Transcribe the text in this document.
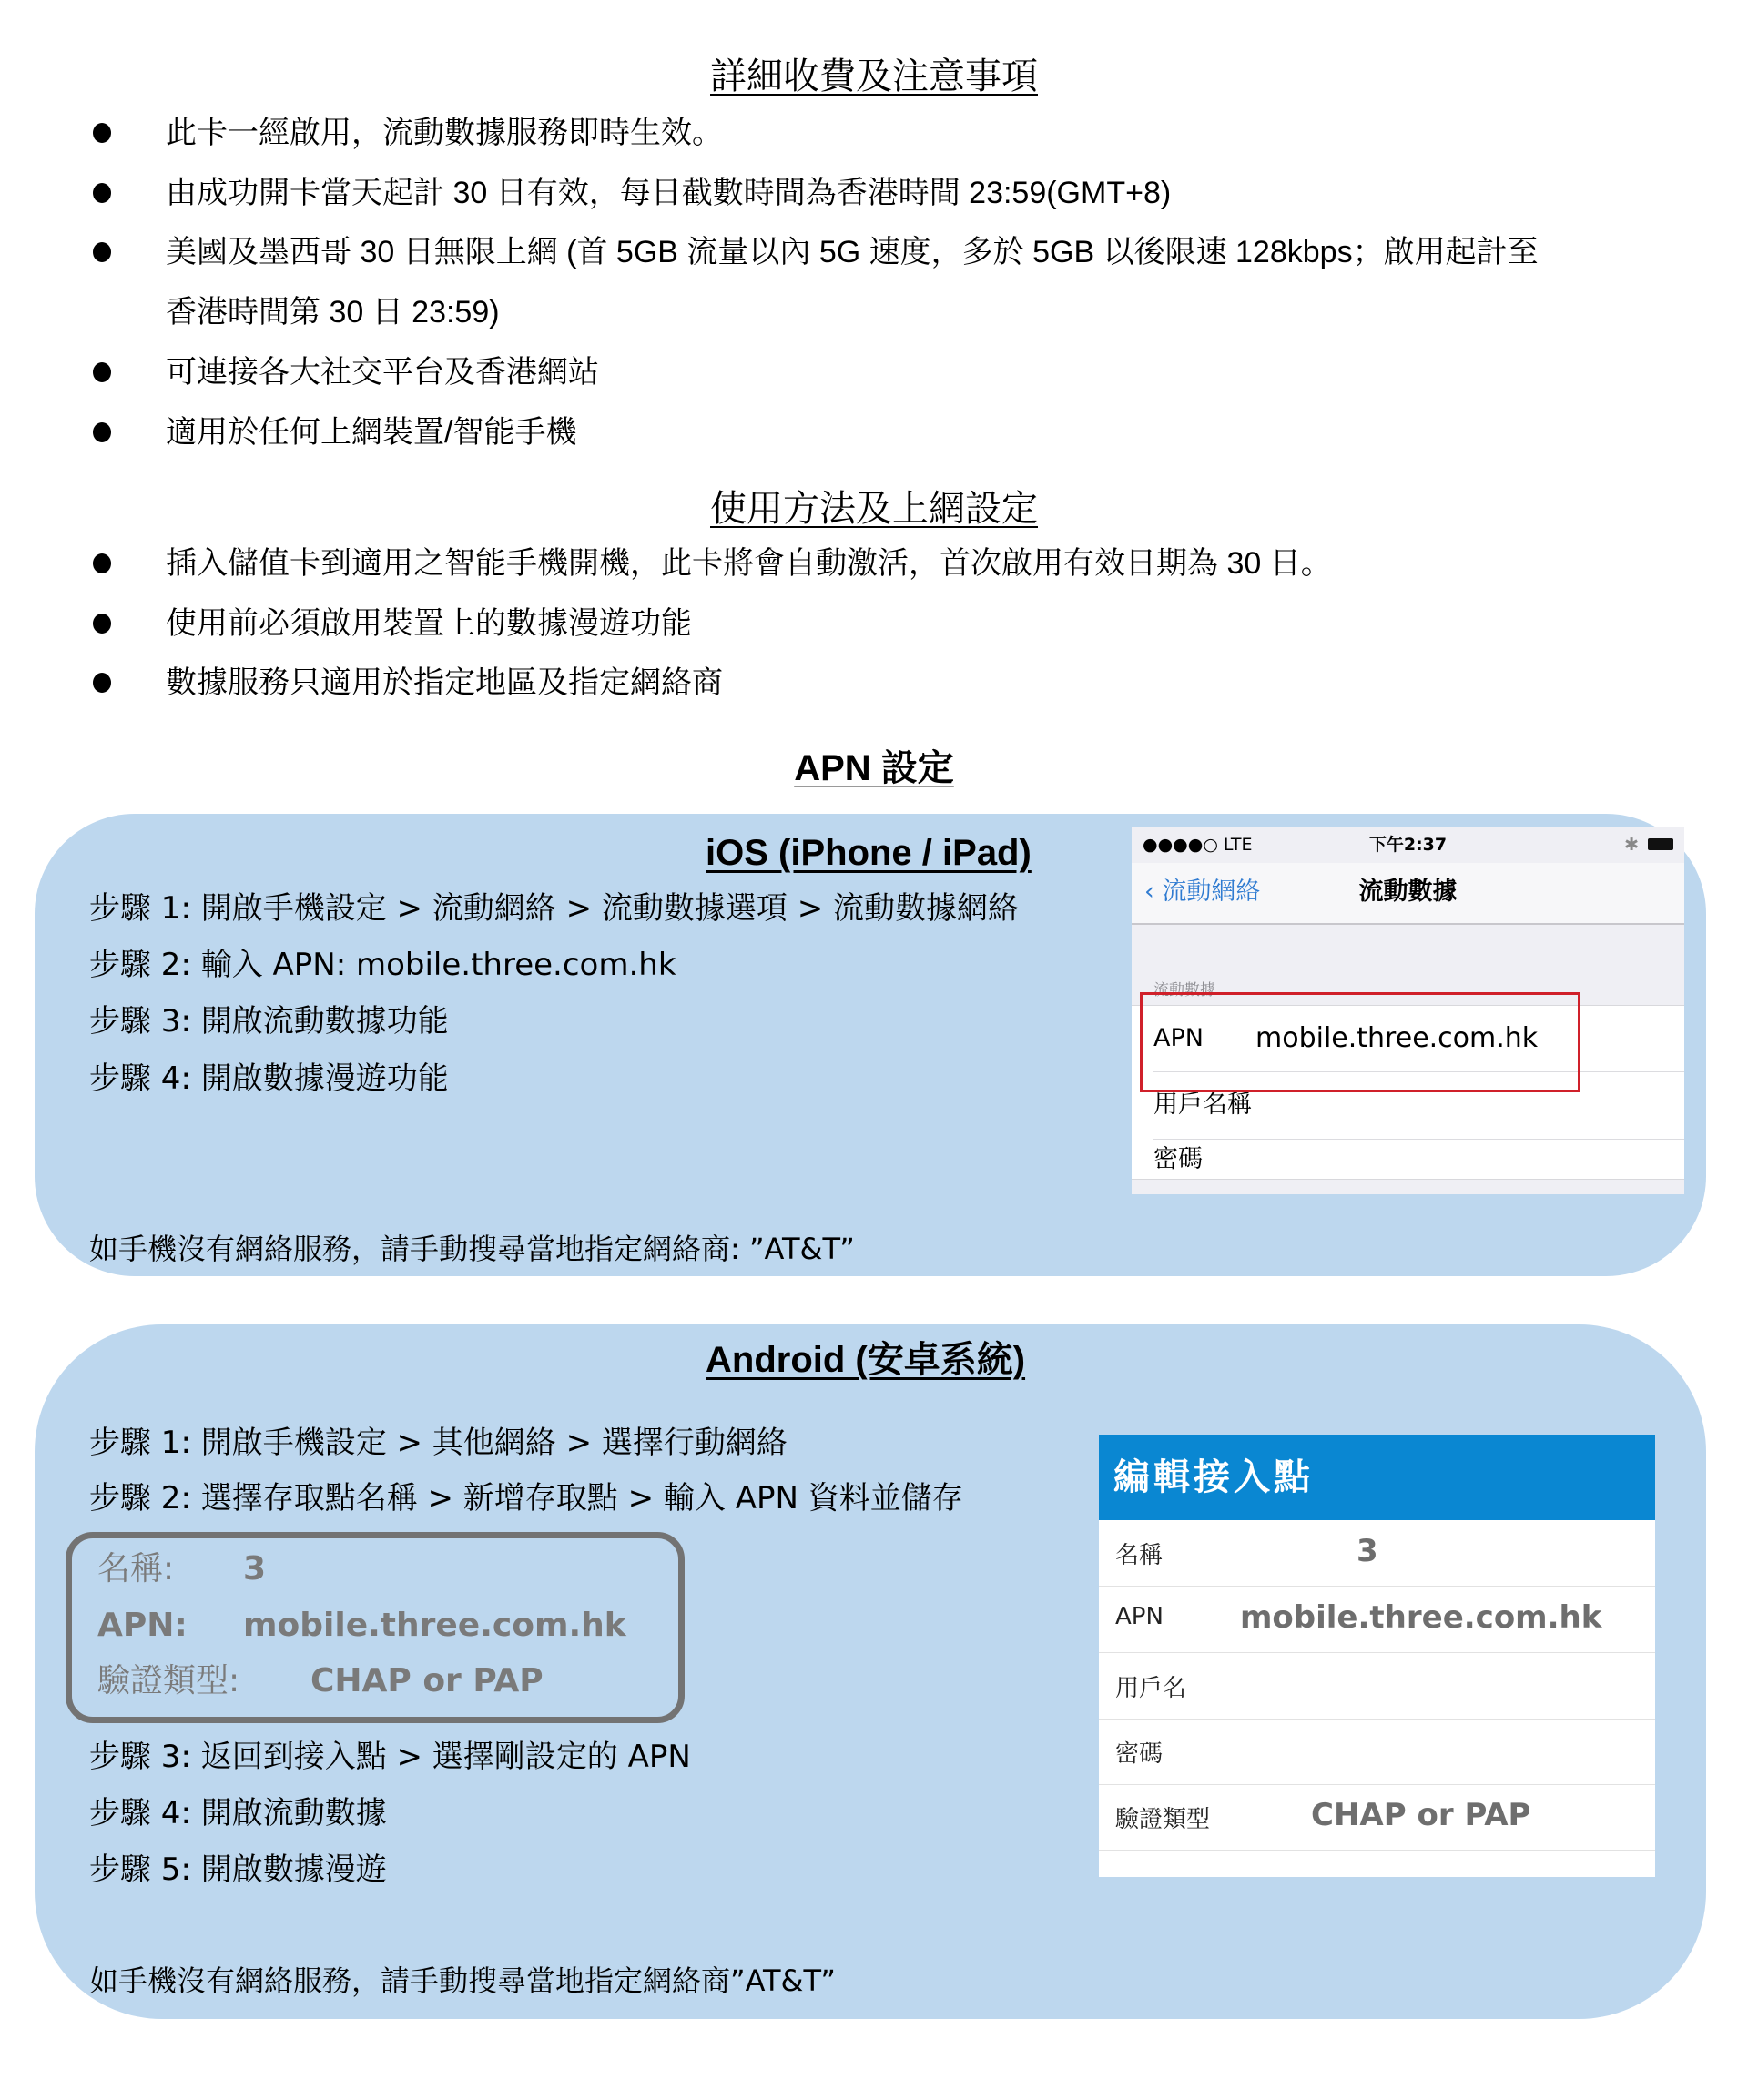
詳細收費及注意事項
此卡一經啟用，流動數據服務即時生效。
由成功開卡當天起計 30 日有效，每日截數時間為香港時間 23:59(GMT+8)
美國及墨西哥 30 日無限上網 (首 5GB 流量以內 5G 速度，多於 5GB 以後限速 128kbps；啟用起計至
香港時間第 30 日 23:59)
可連接各大社交平台及香港網站
適用於任何上網裝置/智能手機
使用方法及上網設定
插入儲值卡到適用之智能手機開機，此卡將會自動激活，首次啟用有效日期為 30 日。
使用前必須啟用裝置上的數據漫遊功能
數據服務只適用於指定地區及指定網絡商
APN 設定
iOS (iPhone / iPad)
步驟 1: 開啟手機設定 > 流動網絡 > 流動數據選項 > 流動數據網絡
步驟 2: 輸入 APN: mobile.three.com.hk
步驟 3: 開啟流動數據功能
步驟 4: 開啟數據漫遊功能
如手機沒有網絡服務，請手動搜尋當地指定網絡商: ”AT&T”
●●●●○ LTE	下午2:37	✱
‹ 流動網絡	流動數據
流動數據
APN mobile.three.com.hk
用戶名稱
密碼
Android (安卓系統)
步驟 1: 開啟手機設定 > 其他網絡 > 選擇行動網絡
步驟 2: 選擇存取點名稱 > 新增存取點 > 輸入 APN 資料並儲存
名稱: 3
APN: mobile.three.com.hk
驗證類型: CHAP or PAP
步驟 3: 返回到接入點 > 選擇剛設定的 APN
步驟 4: 開啟流動數據
步驟 5: 開啟數據漫遊
如手機沒有網絡服務，請手動搜尋當地指定網絡商”AT&T”
編輯接入點
名稱	3
APN mobile.three.com.hk
用戶名
密碼
驗證類型	CHAP or PAP
